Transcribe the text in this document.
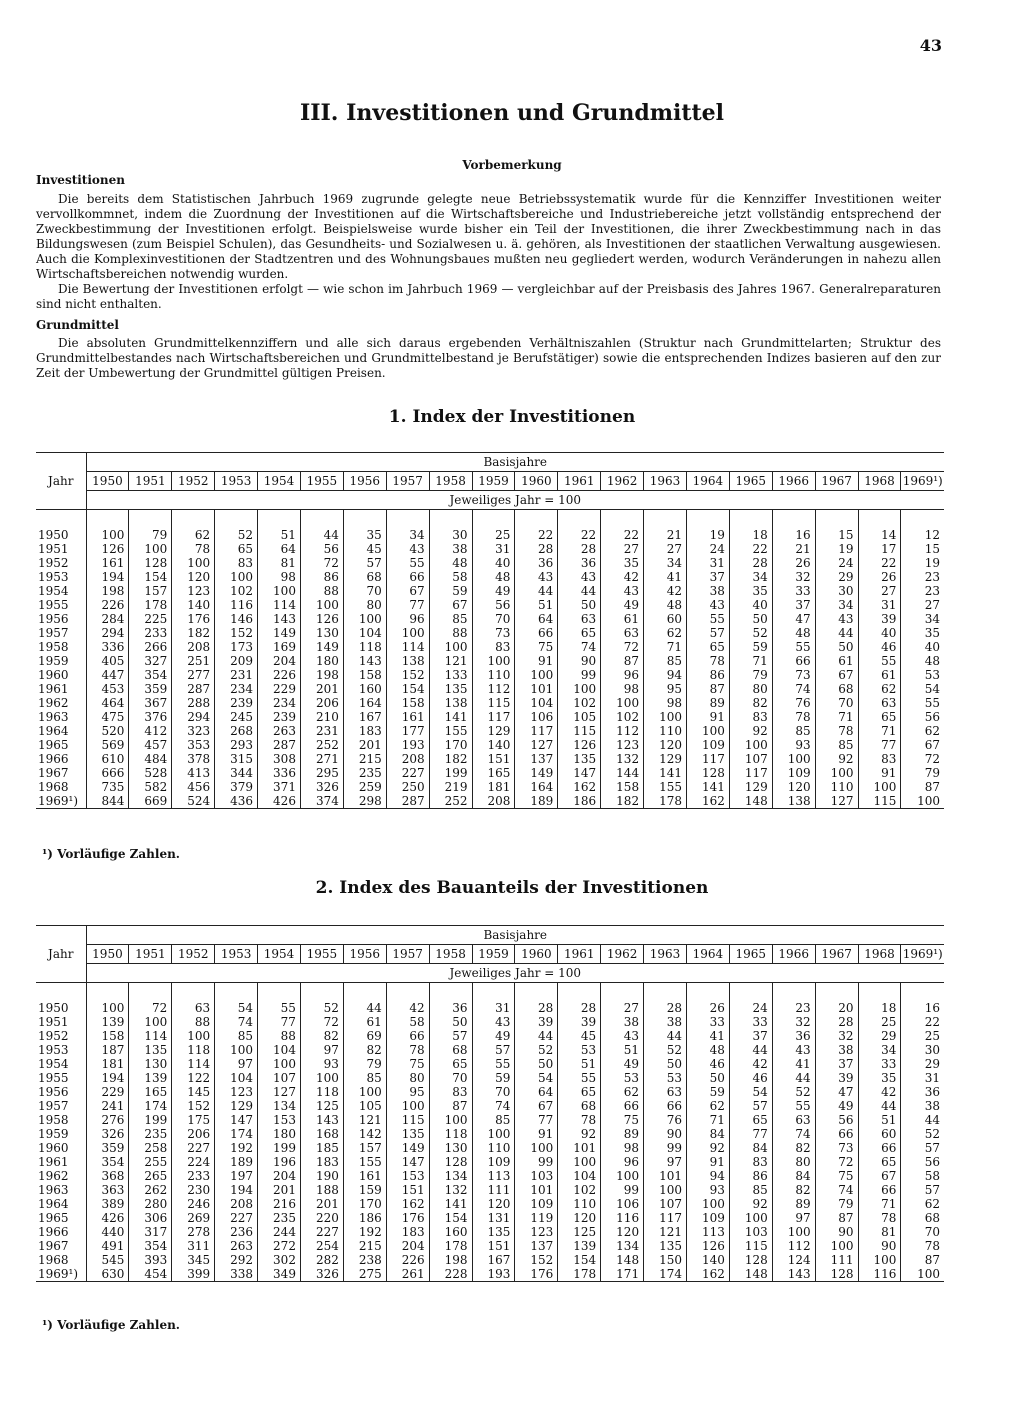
43
III. Investitionen und Grundmittel
Vorbemerkung
Investitionen

Die bereits dem Statistischen Jahrbuch 1969 zugrunde gelegte neue Betriebssystematik wurde für die Kennziffer Investitionen weiter vervollkommnet, indem die Zuordnung der Investitionen auf die Wirtschaftsbereiche und Industriebereiche jetzt vollständig entsprechend der Zweckbestimmung der Investitionen erfolgt. Beispielsweise wurde bisher ein Teil der Investitionen, die ihrer Zweckbestimmung nach in das Bildungswesen (zum Beispiel Schulen), das Gesundheits- und Sozialwesen u. ä. gehören, als Investitionen der staatlichen Verwaltung ausgewiesen. Auch die Komplexinvestitionen der Stadtzentren und des Wohnungsbaues mußten neu gegliedert werden, wodurch Veränderungen in nahezu allen Wirtschaftsbereichen notwendig wurden.

Die Bewertung der Investitionen erfolgt — wie schon im Jahrbuch 1969 — vergleichbar auf der Preisbasis des Jahres 1967. Generalreparaturen sind nicht enthalten.

Grundmittel

Die absoluten Grundmittelkennziffern und alle sich daraus ergebenden Verhältniszahlen (Struktur nach Grundmittelarten; Struktur des Grundmittelbestandes nach Wirtschaftsbereichen und Grundmittelbestand je Berufstätiger) sowie die entsprechenden Indizes basieren auf den zur Zeit der Umbewertung der Grundmittel gültigen Preisen.

1. Index der Investitionen
Jahr	Basisjahre																			
	1950	1951	1952	1953	1954	1955	1956	1957	1958	1959	1960	1961	1962	1963	1964	1965	1966	1967	1968	1969¹)
	Jeweiliges Jahr = 100																			

1950	100	79	62	52	51	44	35	34	30	25	22	22	22	21	19	18	16	15	14	12
1951	126	100	78	65	64	56	45	43	38	31	28	28	27	27	24	22	21	19	17	15
1952	161	128	100	83	81	72	57	55	48	40	36	36	35	34	31	28	26	24	22	19
1953	194	154	120	100	98	86	68	66	58	48	43	43	42	41	37	34	32	29	26	23
1954	198	157	123	102	100	88	70	67	59	49	44	44	43	42	38	35	33	30	27	23
1955	226	178	140	116	114	100	80	77	67	56	51	50	49	48	43	40	37	34	31	27
1956	284	225	176	146	143	126	100	96	85	70	64	63	61	60	55	50	47	43	39	34
1957	294	233	182	152	149	130	104	100	88	73	66	65	63	62	57	52	48	44	40	35
1958	336	266	208	173	169	149	118	114	100	83	75	74	72	71	65	59	55	50	46	40
1959	405	327	251	209	204	180	143	138	121	100	91	90	87	85	78	71	66	61	55	48
1960	447	354	277	231	226	198	158	152	133	110	100	99	96	94	86	79	73	67	61	53
1961	453	359	287	234	229	201	160	154	135	112	101	100	98	95	87	80	74	68	62	54
1962	464	367	288	239	234	206	164	158	138	115	104	102	100	98	89	82	76	70	63	55
1963	475	376	294	245	239	210	167	161	141	117	106	105	102	100	91	83	78	71	65	56
1964	520	412	323	268	263	231	183	177	155	129	117	115	112	110	100	92	85	78	71	62
1965	569	457	353	293	287	252	201	193	170	140	127	126	123	120	109	100	93	85	77	67
1966	610	484	378	315	308	271	215	208	182	151	137	135	132	129	117	107	100	92	83	72
1967	666	528	413	344	336	295	235	227	199	165	149	147	144	141	128	117	109	100	91	79
1968	735	582	456	379	371	326	259	250	219	181	164	162	158	155	141	129	120	110	100	87
1969¹)	844	669	524	436	426	374	298	287	252	208	189	186	182	178	162	148	138	127	115	100
¹) Vorläufige Zahlen.
2. Index des Bauanteils der Investitionen
Jahr	Basisjahre																			
	1950	1951	1952	1953	1954	1955	1956	1957	1958	1959	1960	1961	1962	1963	1964	1965	1966	1967	1968	1969¹)
	Jeweiliges Jahr = 100																			

1950	100	72	63	54	55	52	44	42	36	31	28	28	27	28	26	24	23	20	18	16
1951	139	100	88	74	77	72	61	58	50	43	39	39	38	38	33	33	32	28	25	22
1952	158	114	100	85	88	82	69	66	57	49	44	45	43	44	41	37	36	32	29	25
1953	187	135	118	100	104	97	82	78	68	57	52	53	51	52	48	44	43	38	34	30
1954	181	130	114	97	100	93	79	75	65	55	50	51	49	50	46	42	41	37	33	29
1955	194	139	122	104	107	100	85	80	70	59	54	55	53	53	50	46	44	39	35	31
1956	229	165	145	123	127	118	100	95	83	70	64	65	62	63	59	54	52	47	42	36
1957	241	174	152	129	134	125	105	100	87	74	67	68	66	66	62	57	55	49	44	38
1958	276	199	175	147	153	143	121	115	100	85	77	78	75	76	71	65	63	56	51	44
1959	326	235	206	174	180	168	142	135	118	100	91	92	89	90	84	77	74	66	60	52
1960	359	258	227	192	199	185	157	149	130	110	100	101	98	99	92	84	82	73	66	57
1961	354	255	224	189	196	183	155	147	128	109	99	100	96	97	91	83	80	72	65	56
1962	368	265	233	197	204	190	161	153	134	113	103	104	100	101	94	86	84	75	67	58
1963	363	262	230	194	201	188	159	151	132	111	101	102	99	100	93	85	82	74	66	57
1964	389	280	246	208	216	201	170	162	141	120	109	110	106	107	100	92	89	79	71	62
1965	426	306	269	227	235	220	186	176	154	131	119	120	116	117	109	100	97	87	78	68
1966	440	317	278	236	244	227	192	183	160	135	123	125	120	121	113	103	100	90	81	70
1967	491	354	311	263	272	254	215	204	178	151	137	139	134	135	126	115	112	100	90	78
1968	545	393	345	292	302	282	238	226	198	167	152	154	148	150	140	128	124	111	100	87
1969¹)	630	454	399	338	349	326	275	261	228	193	176	178	171	174	162	148	143	128	116	100
¹) Vorläufige Zahlen.
